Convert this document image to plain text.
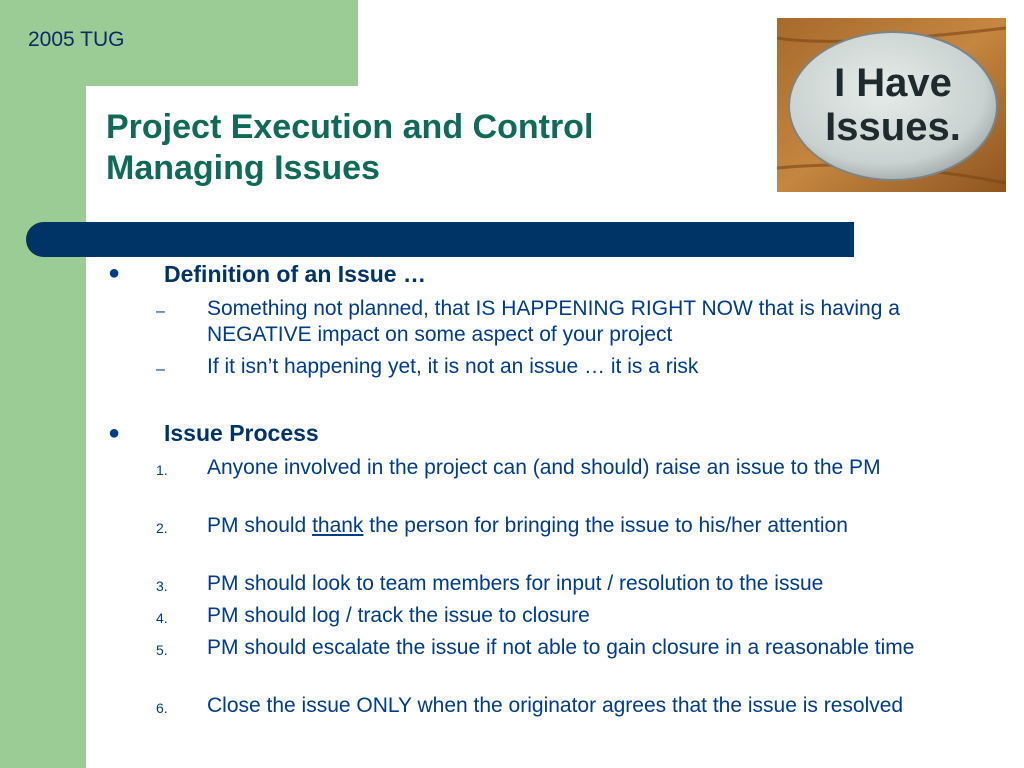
2005 TUG
Project Execution and Control
Managing Issues
I Have
Issues.
● Definition of an Issue …
– Something not planned, that IS HAPPENING RIGHT NOW that is having a NEGATIVE impact on some aspect of your project
– If it isn’t happening yet, it is not an issue … it is a risk
● Issue Process
1. Anyone involved in the project can (and should) raise an issue to the PM
2. PM should thank the person for bringing the issue to his/her attention
3. PM should look to team members for input / resolution to the issue
4. PM should log / track the issue to closure
5. PM should escalate the issue if not able to gain closure in a reasonable time
6. Close the issue ONLY when the originator agrees that the issue is resolved
